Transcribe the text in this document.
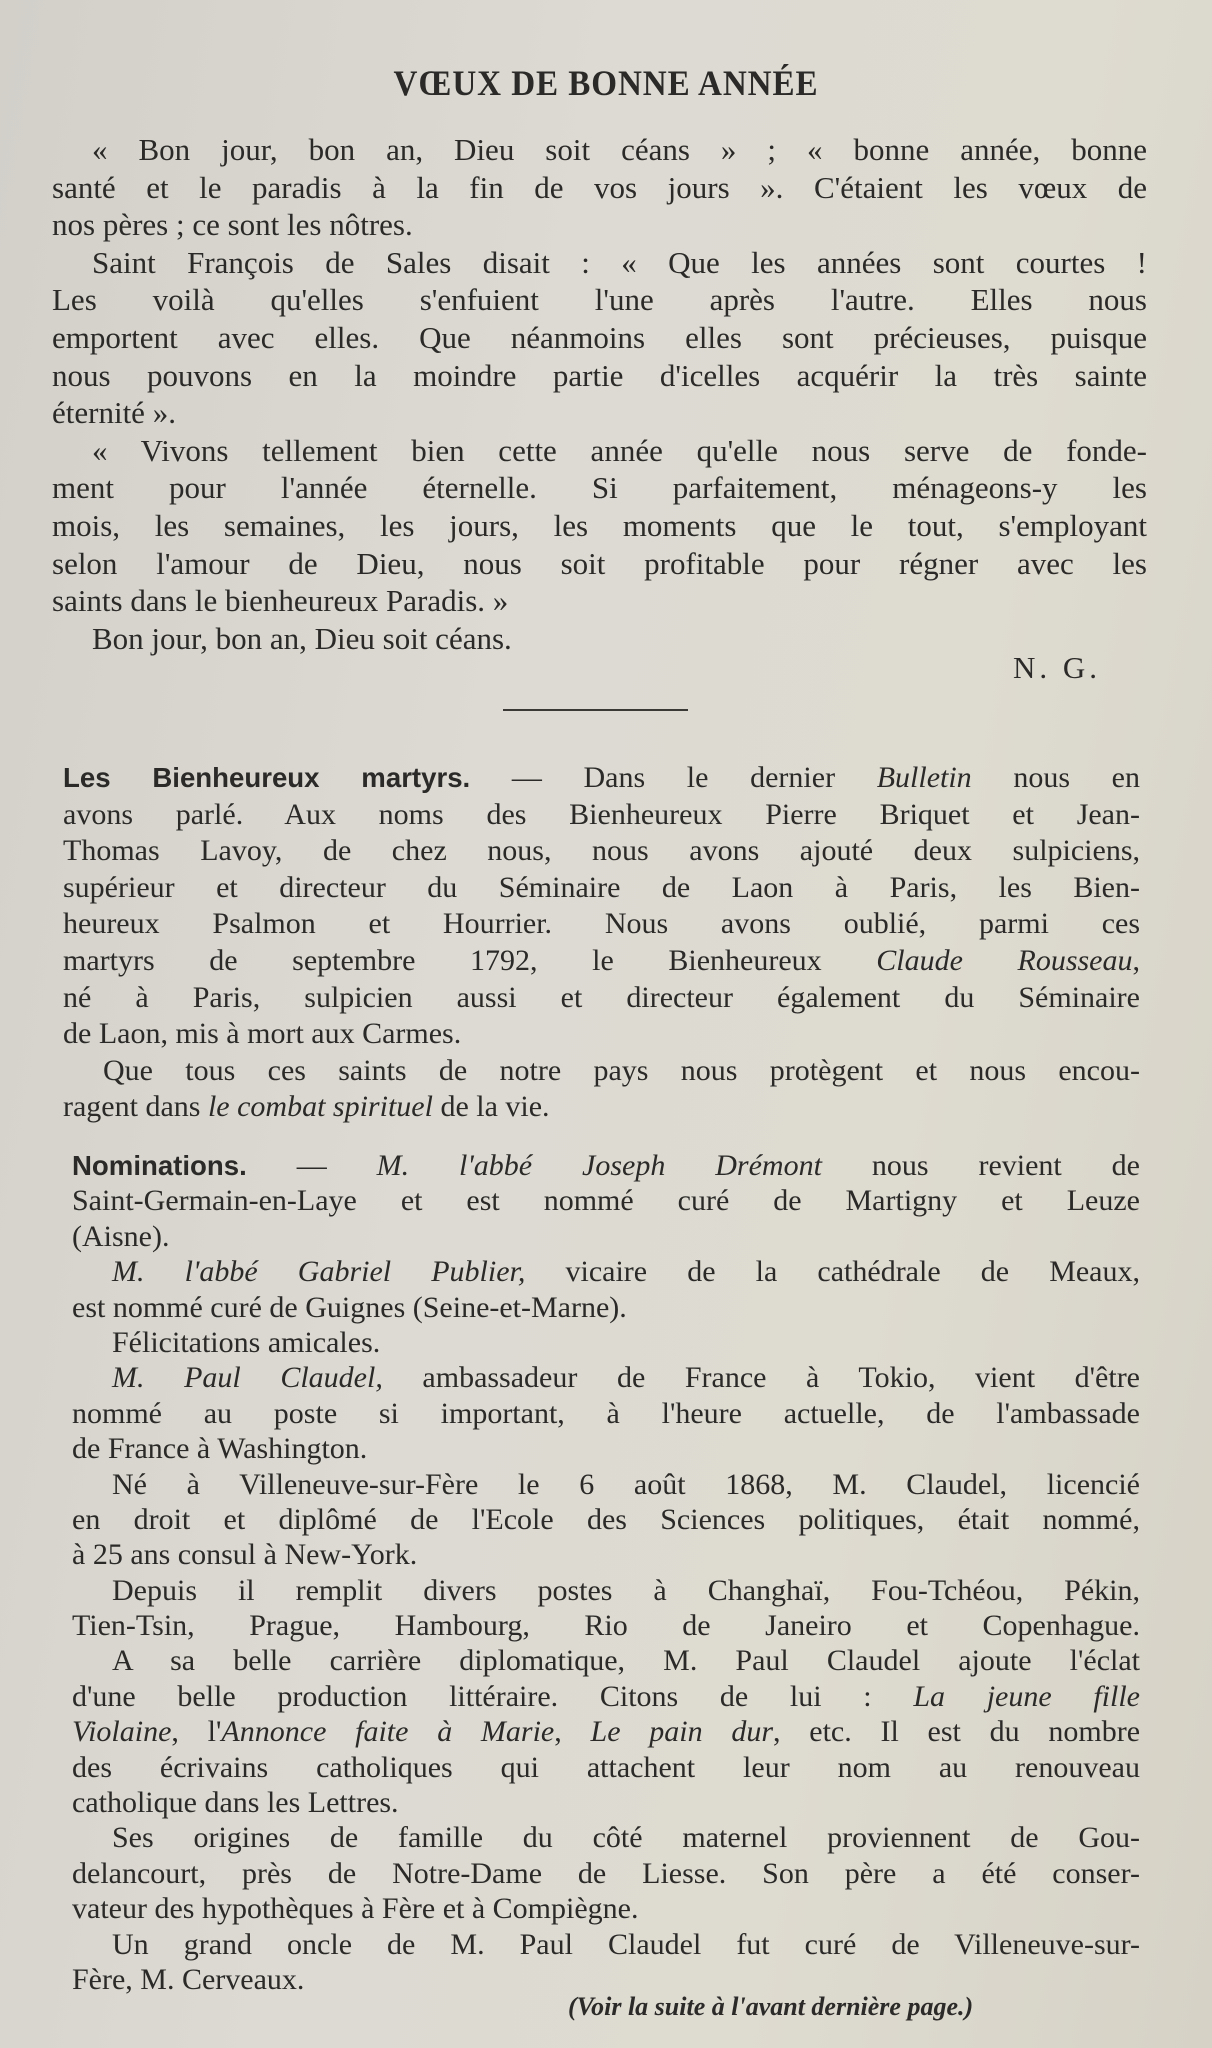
VŒUX DE BONNE ANNÉE
« Bon jour, bon an, Dieu soit céans » ; « bonne année, bonne
santé et le paradis à la fin de vos jours ». C'étaient les vœux de
nos pères ; ce sont les nôtres.
Saint François de Sales disait : « Que les années sont courtes !
Les voilà qu'elles s'enfuient l'une après l'autre. Elles nous
emportent avec elles. Que néanmoins elles sont précieuses, puisque
nous pouvons en la moindre partie d'icelles acquérir la très sainte
éternité ».
« Vivons tellement bien cette année qu'elle nous serve de fonde-
ment pour l'année éternelle. Si parfaitement, ménageons-y les
mois, les semaines, les jours, les moments que le tout, s'employant
selon l'amour de Dieu, nous soit profitable pour régner avec les
saints dans le bienheureux Paradis. »
Bon jour, bon an, Dieu soit céans.
N. G.
Les Bienheureux martyrs. — Dans le dernier Bulletin nous en
avons parlé. Aux noms des Bienheureux Pierre Briquet et Jean-
Thomas Lavoy, de chez nous, nous avons ajouté deux sulpiciens,
supérieur et directeur du Séminaire de Laon à Paris, les Bien-
heureux Psalmon et Hourrier. Nous avons oublié, parmi ces
martyrs de septembre 1792, le Bienheureux Claude Rousseau,
né à Paris, sulpicien aussi et directeur également du Séminaire
de Laon, mis à mort aux Carmes.
Que tous ces saints de notre pays nous protègent et nous encou-
ragent dans le combat spirituel de la vie.
Nominations. — M. l'abbé Joseph Drémont nous revient de
Saint-Germain-en-Laye et est nommé curé de Martigny et Leuze
(Aisne).
M. l'abbé Gabriel Publier, vicaire de la cathédrale de Meaux,
est nommé curé de Guignes (Seine-et-Marne).
Félicitations amicales.
M. Paul Claudel, ambassadeur de France à Tokio, vient d'être
nommé au poste si important, à l'heure actuelle, de l'ambassade
de France à Washington.
Né à Villeneuve-sur-Fère le 6 août 1868, M. Claudel, licencié
en droit et diplômé de l'Ecole des Sciences politiques, était nommé,
à 25 ans consul à New-York.
Depuis il remplit divers postes à Changhaï, Fou-Tchéou, Pékin,
Tien-Tsin, Prague, Hambourg, Rio de Janeiro et Copenhague.
A sa belle carrière diplomatique, M. Paul Claudel ajoute l'éclat
d'une belle production littéraire. Citons de lui : La jeune fille
Violaine, l'Annonce faite à Marie, Le pain dur, etc. Il est du nombre
des écrivains catholiques qui attachent leur nom au renouveau
catholique dans les Lettres.
Ses origines de famille du côté maternel proviennent de Gou-
delancourt, près de Notre-Dame de Liesse. Son père a été conser-
vateur des hypothèques à Fère et à Compiègne.
Un grand oncle de M. Paul Claudel fut curé de Villeneuve-sur-
Fère, M. Cerveaux.
(Voir la suite à l'avant dernière page.)
